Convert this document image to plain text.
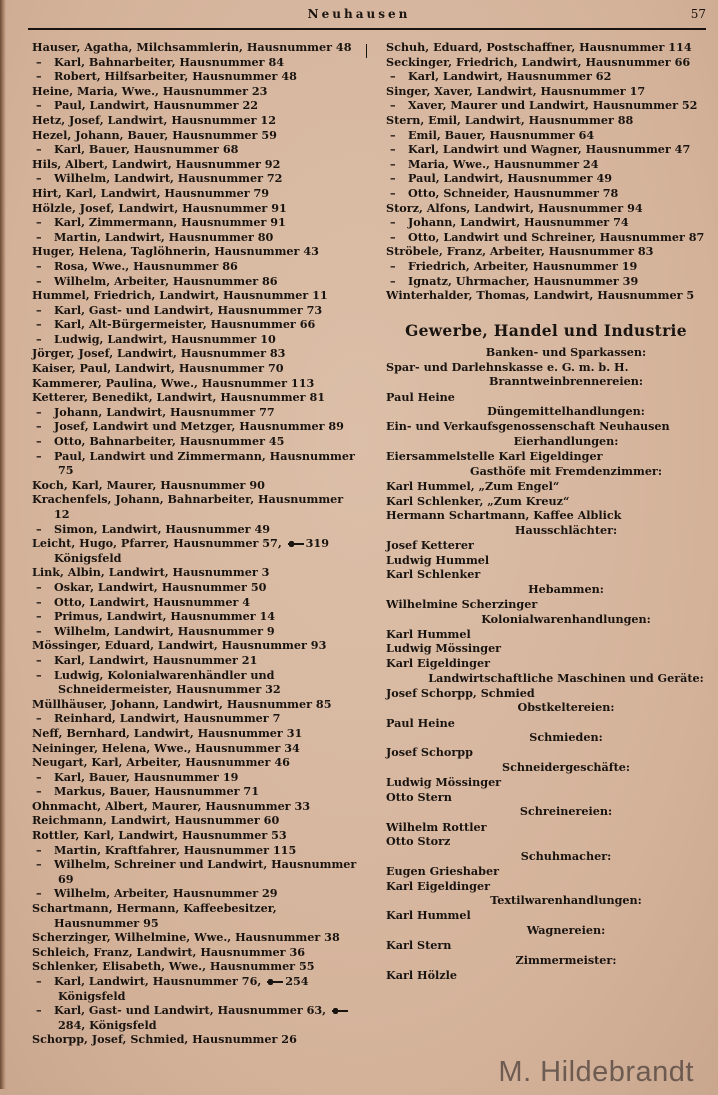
Neuhausen	57
Hauser, Agatha, Milchsammlerin, Hausnummer 48
– Karl, Bahnarbeiter, Hausnummer 84
– Robert, Hilfsarbeiter, Hausnummer 48
Heine, Maria, Wwe., Hausnummer 23
– Paul, Landwirt, Hausnummer 22
Hetz, Josef, Landwirt, Hausnummer 12
Hezel, Johann, Bauer, Hausnummer 59
– Karl, Bauer, Hausnummer 68
Hils, Albert, Landwirt, Hausnummer 92
– Wilhelm, Landwirt, Hausnummer 72
Hirt, Karl, Landwirt, Hausnummer 79
Hölzle, Josef, Landwirt, Hausnummer 91
– Karl, Zimmermann, Hausnummer 91
– Martin, Landwirt, Hausnummer 80
Huger, Helena, Taglöhnerin, Hausnummer 43
– Rosa, Wwe., Hausnummer 86
– Wilhelm, Arbeiter, Hausnummer 86
Hummel, Friedrich, Landwirt, Hausnummer 11
– Karl, Gast- und Landwirt, Hausnummer 73
– Karl, Alt-Bürgermeister, Hausnummer 66
– Ludwig, Landwirt, Hausnummer 10
Jörger, Josef, Landwirt, Hausnummer 83
Kaiser, Paul, Landwirt, Hausnummer 70
Kammerer, Paulina, Wwe., Hausnummer 113
Ketterer, Benedikt, Landwirt, Hausnummer 81
– Johann, Landwirt, Hausnummer 77
– Josef, Landwirt und Metzger, Hausnummer 89
– Otto, Bahnarbeiter, Hausnummer 45
– Paul, Landwirt und Zimmermann, Hausnummer 75
Koch, Karl, Maurer, Hausnummer 90
Krachenfels, Johann, Bahnarbeiter, Hausnummer 12
– Simon, Landwirt, Hausnummer 49
Leicht, Hugo, Pfarrer, Hausnummer 57, 319 Königsfeld
Link, Albin, Landwirt, Hausnummer 3
– Oskar, Landwirt, Hausnummer 50
– Otto, Landwirt, Hausnummer 4
– Primus, Landwirt, Hausnummer 14
– Wilhelm, Landwirt, Hausnummer 9
Mössinger, Eduard, Landwirt, Hausnummer 93
– Karl, Landwirt, Hausnummer 21
– Ludwig, Kolonialwarenhändler und Schneidermeister, Hausnummer 32
Müllhäuser, Johann, Landwirt, Hausnummer 85
– Reinhard, Landwirt, Hausnummer 7
Neff, Bernhard, Landwirt, Hausnummer 31
Neininger, Helena, Wwe., Hausnummer 34
Neugart, Karl, Arbeiter, Hausnummer 46
– Karl, Bauer, Hausnummer 19
– Markus, Bauer, Hausnummer 71
Ohnmacht, Albert, Maurer, Hausnummer 33
Reichmann, Landwirt, Hausnummer 60
Rottler, Karl, Landwirt, Hausnummer 53
– Martin, Kraftfahrer, Hausnummer 115
– Wilhelm, Schreiner und Landwirt, Hausnummer 69
– Wilhelm, Arbeiter, Hausnummer 29
Schartmann, Hermann, Kaffeebesitzer, Hausnummer 95
Scherzinger, Wilhelmine, Wwe., Hausnummer 38
Schleich, Franz, Landwirt, Hausnummer 36
Schlenker, Elisabeth, Wwe., Hausnummer 55
– Karl, Landwirt, Hausnummer 76, 254 Königsfeld
– Karl, Gast- und Landwirt, Hausnummer 63, 284, Königsfeld
Schorpp, Josef, Schmied, Hausnummer 26
Schuh, Eduard, Postschaffner, Hausnummer 114
Seckinger, Friedrich, Landwirt, Hausnummer 66
– Karl, Landwirt, Hausnummer 62
Singer, Xaver, Landwirt, Hausnummer 17
– Xaver, Maurer und Landwirt, Hausnummer 52
Stern, Emil, Landwirt, Hausnummer 88
– Emil, Bauer, Hausnummer 64
– Karl, Landwirt und Wagner, Hausnummer 47
– Maria, Wwe., Hausnummer 24
– Paul, Landwirt, Hausnummer 49
– Otto, Schneider, Hausnummer 78
Storz, Alfons, Landwirt, Hausnummer 94
– Johann, Landwirt, Hausnummer 74
– Otto, Landwirt und Schreiner, Hausnummer 87
Ströbele, Franz, Arbeiter, Hausnummer 83
– Friedrich, Arbeiter, Hausnummer 19
– Ignatz, Uhrmacher, Hausnummer 39
Winterhalder, Thomas, Landwirt, Hausnummer 5
Gewerbe, Handel und Industrie
Banken- und Sparkassen:
Spar- und Darlehnskasse e. G. m. b. H.
Branntweinbrennereien:
Paul Heine
Düngemittelhandlungen:
Ein- und Verkaufsgenossenschaft Neuhausen
Eierhandlungen:
Eiersammelstelle Karl Eigeldinger
Gasthöfe mit Fremdenzimmer:
Karl Hummel, „Zum Engel“
Karl Schlenker, „Zum Kreuz“
Hermann Schartmann, Kaffee Alblick
Hausschlächter:
Josef Ketterer
Ludwig Hummel
Karl Schlenker
Hebammen:
Wilhelmine Scherzinger
Kolonialwarenhandlungen:
Karl Hummel
Ludwig Mössinger
Karl Eigeldinger
Landwirtschaftliche Maschinen und Geräte:
Josef Schorpp, Schmied
Obstkeltereien:
Paul Heine
Schmieden:
Josef Schorpp
Schneidergeschäfte:
Ludwig Mössinger
Otto Stern
Schreinereien:
Wilhelm Rottler
Otto Storz
Schuhmacher:
Eugen Grieshaber
Karl Eigeldinger
Textilwarenhandlungen:
Karl Hummel
Wagnereien:
Karl Stern
Zimmermeister:
Karl Hölzle
M. Hildebrandt
